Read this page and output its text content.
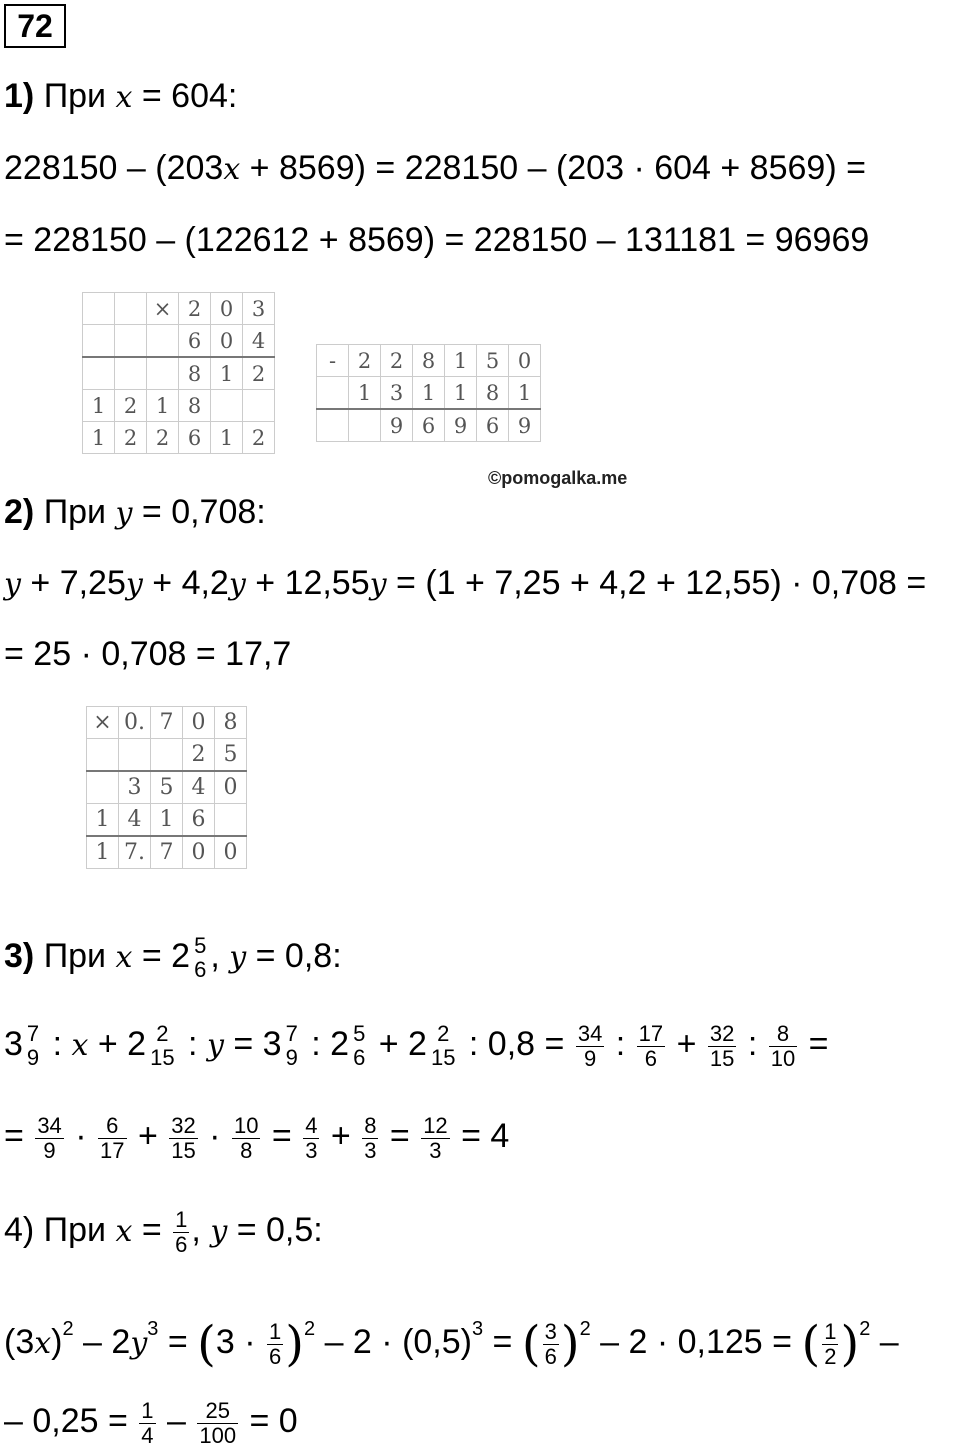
72
1) При x = 604:
228150 – (203x + 8569) = 228150 – (203 · 604 + 8569) =
= 228150 – (122612 + 8569) = 228150 – 131181 = 96969
		×	2	0	3
			6	0	4
			8	1	2
1	2	1	8		
1	2	2	6	1	2
-	2	2	8	1	5	0
	1	3	1	1	8	1
		9	6	9	6	9
©pomogalka.me
2) При y = 0,708:
y + 7,25y + 4,2y + 12,55y = (1 + 7,25 + 4,2 + 12,55) · 0,708 =
= 25 · 0,708 = 17,7
×	0.	7	0	8
			2	5
	3	5	4	0
1	4	1	6	
1	7.	7	0	0
3) При x = 2 5
6 , y = 0,8:
3 7
9 : x + 2 2
15 : y = 3 7
9 : 2 5
6 + 2 2
15 : $0,8 = \frac{34}{9}$ : $\frac{17}{6} + \frac{32}{15}$ : $\frac{8}{10}$ =
= $\frac{34}{9} \cdot \frac{6}{17} + \frac{32}{15} \cdot \frac{10}{8} = \frac{4}{3} + \frac{8}{3} = \frac{12}{3} = 4$
4) При $x = \frac{1}{6}$ , y = 0,5:
$(3x)^2 - 2y^3 = (3 \cdot \frac{1}{6} )^2 - 2 \cdot (0,5)^3$ = ( $\frac{3}{6} )^2 - 2 \cdot 0,125$ = ( $\frac{1}{2} )^2$ –
– $0,25 = \frac{1}{4} - \frac{25}{100} = 0$
